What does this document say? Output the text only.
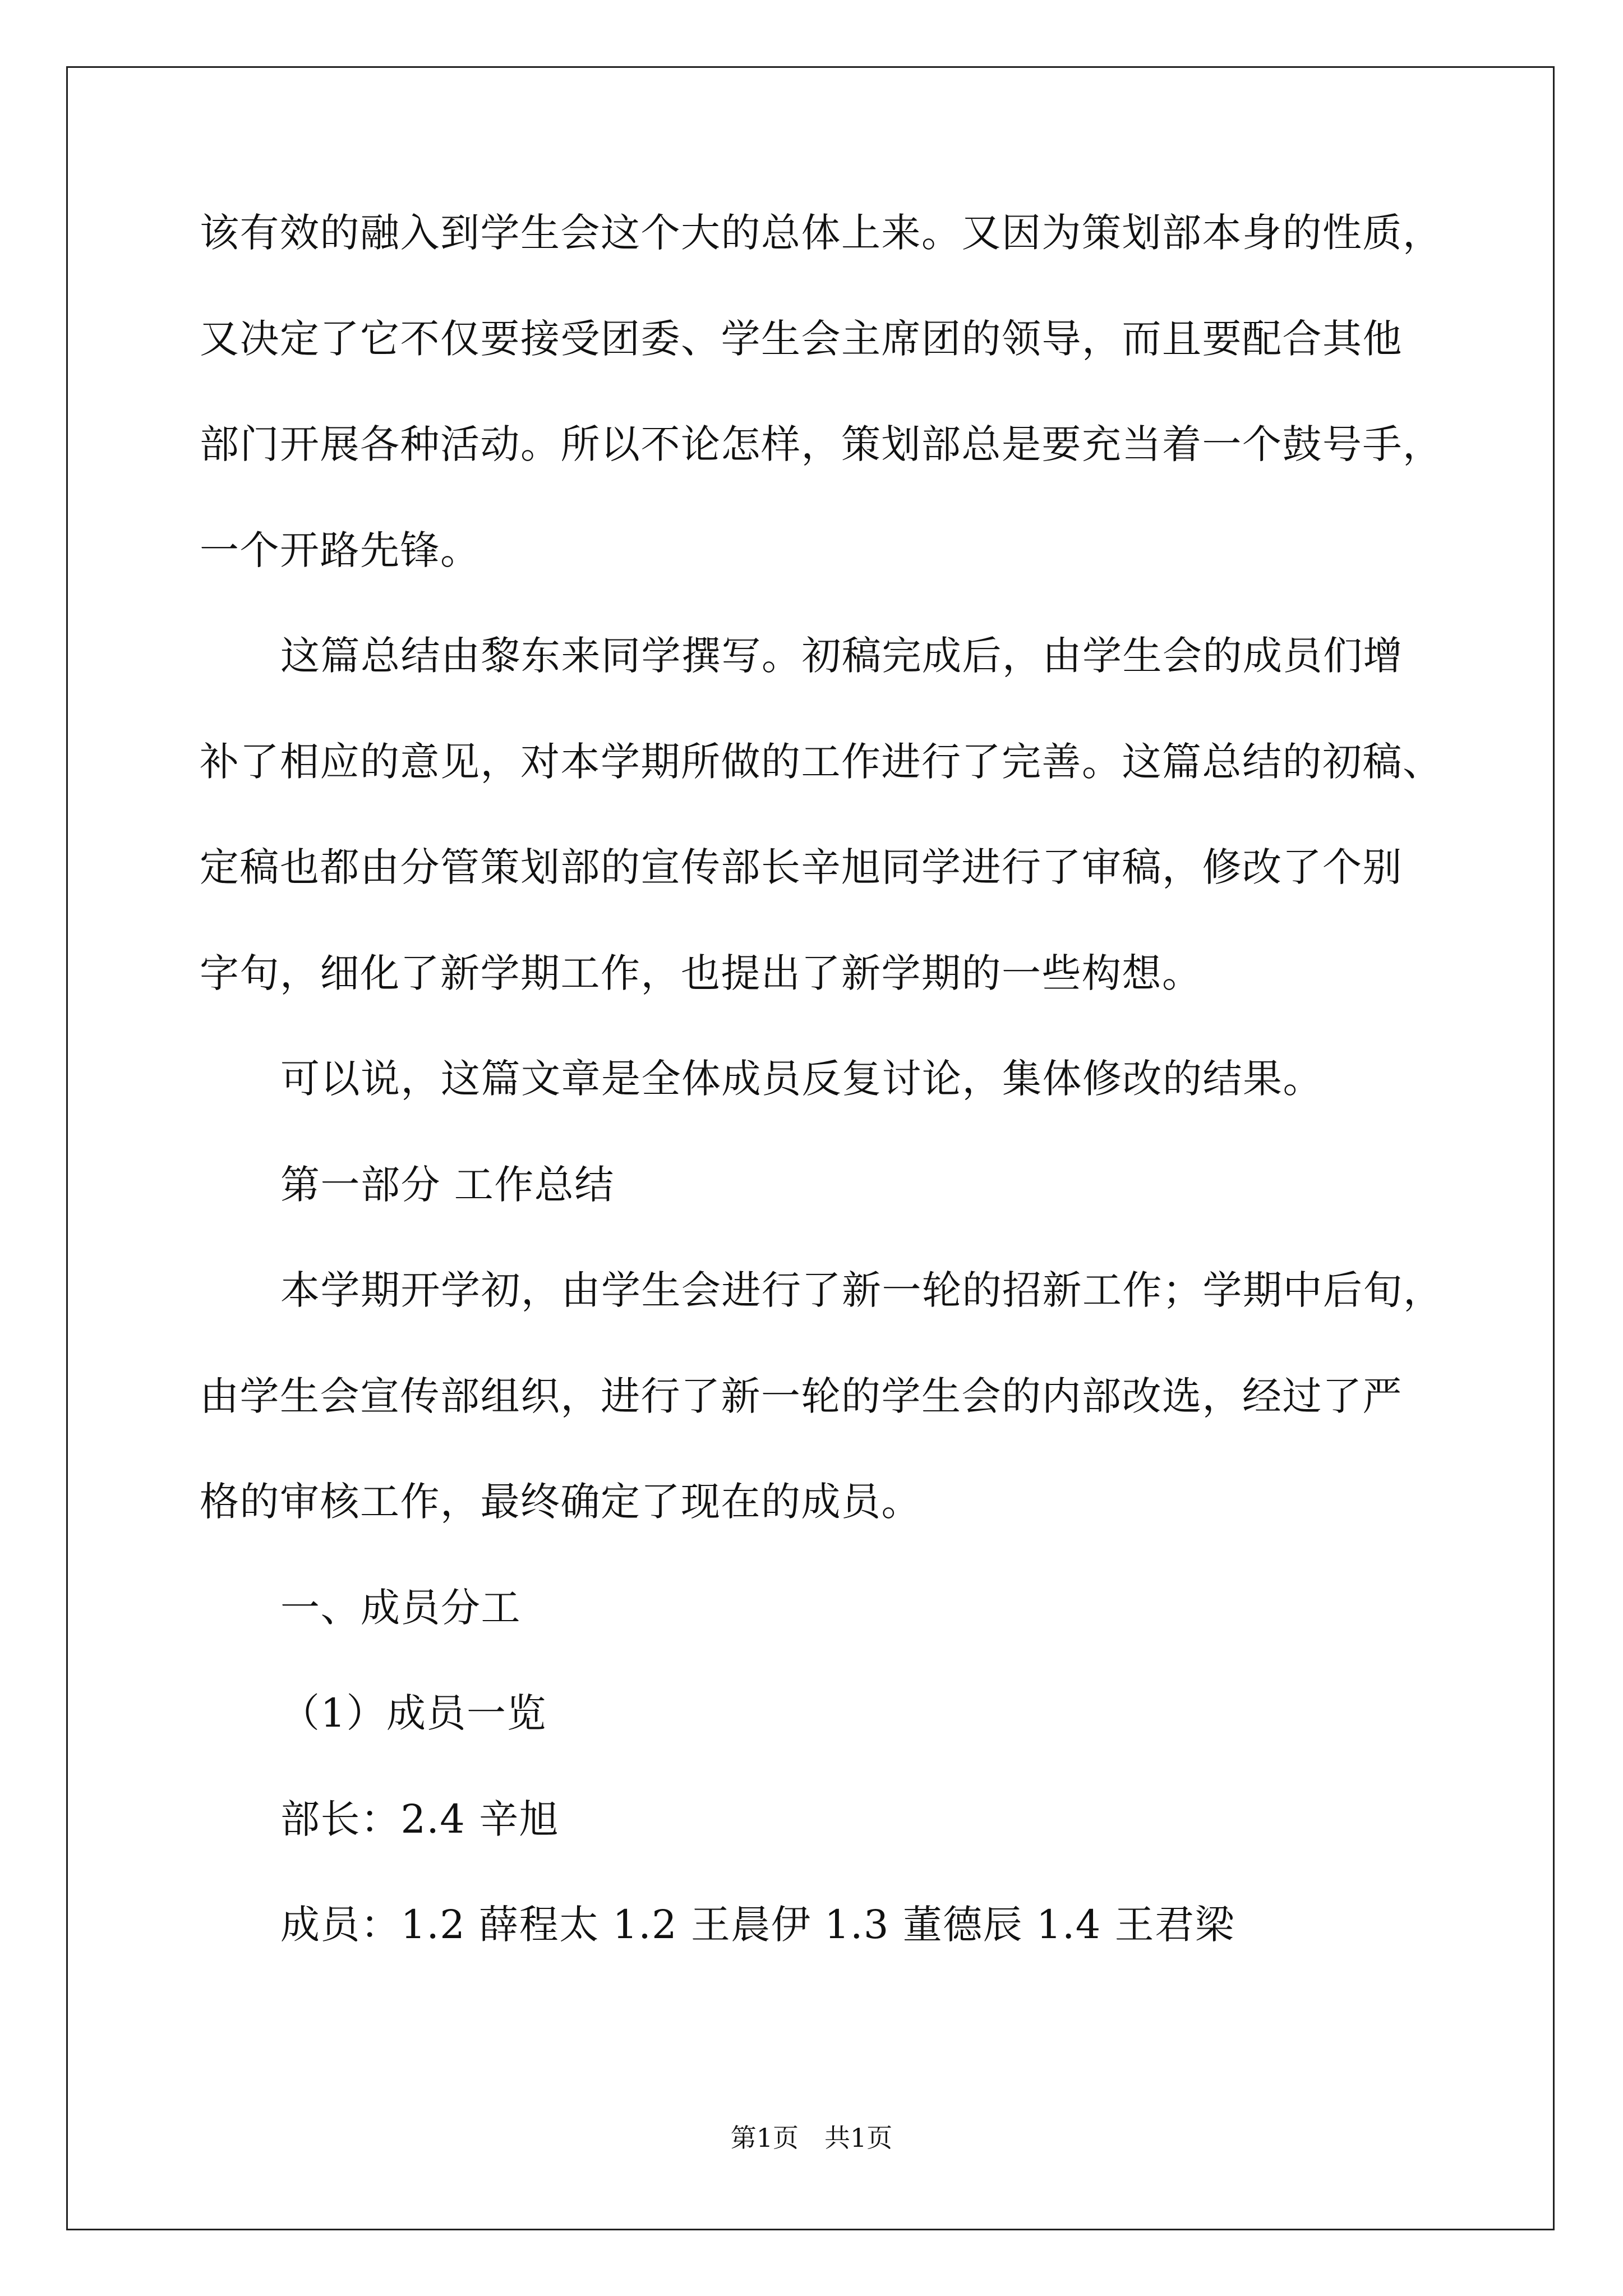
该有效的融入到学生会这个大的总体上来。又因为策划部本身的性质，
又决定了它不仅要接受团委、学生会主席团的领导，而且要配合其他
部门开展各种活动。所以不论怎样，策划部总是要充当着一个鼓号手，
一个开路先锋。
这篇总结由黎东来同学撰写。初稿完成后，由学生会的成员们增
补了相应的意见，对本学期所做的工作进行了完善。这篇总结的初稿、
定稿也都由分管策划部的宣传部长辛旭同学进行了审稿，修改了个别
字句，细化了新学期工作，也提出了新学期的一些构想。
可以说，这篇文章是全体成员反复讨论，集体修改的结果。
第一部分 工作总结
本学期开学初，由学生会进行了新一轮的招新工作；学期中后旬，
由学生会宣传部组织，进行了新一轮的学生会的内部改选，经过了严
格的审核工作，最终确定了现在的成员。
一、成员分工
（1）成员一览
部长：2.4 辛旭
成员：1.2 薛程太 1.2 王晨伊 1.3 董德辰 1.4 王君梁
第1页 共1页
